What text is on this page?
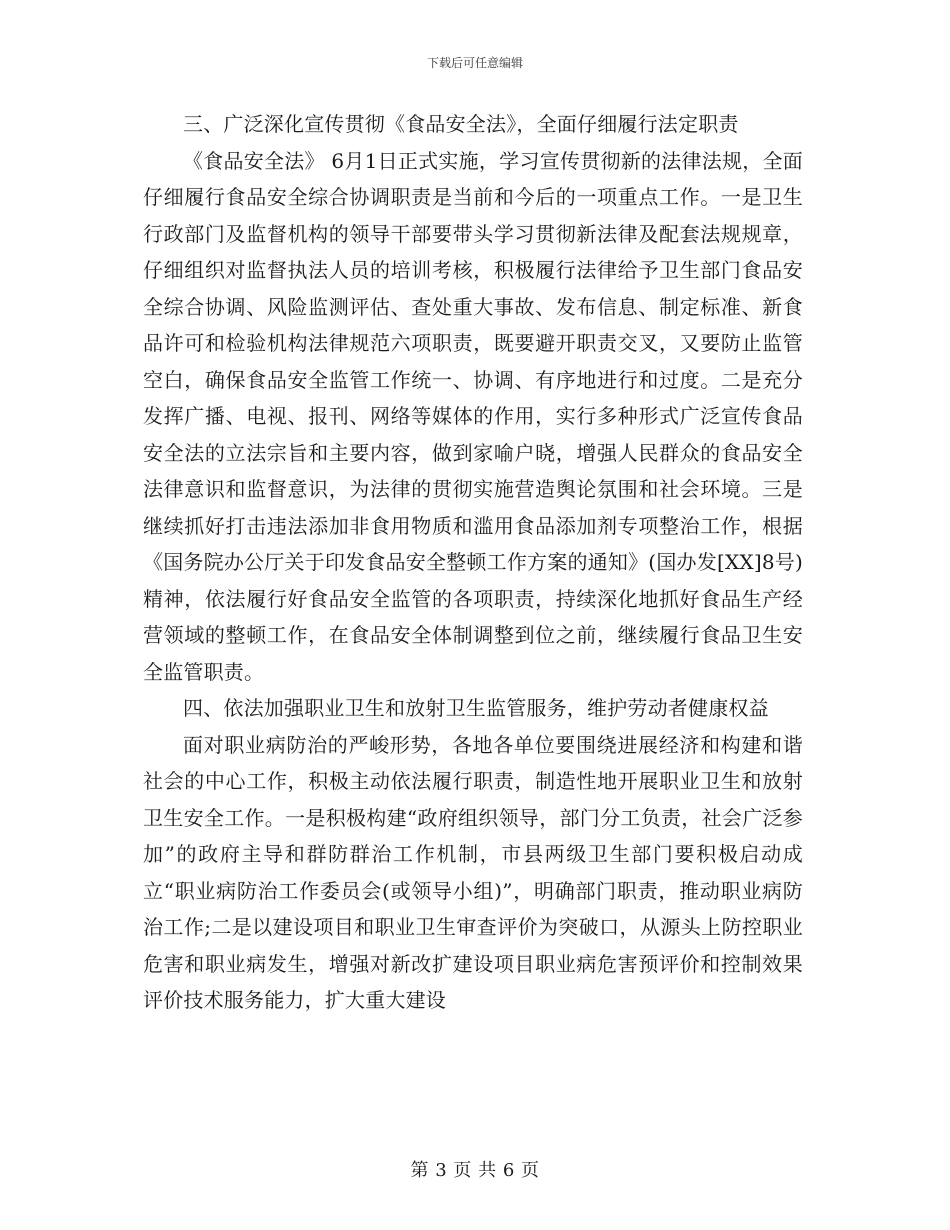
下载后可任意编辑

三、广泛深化宣传贯彻《食品安全法》，全面仔细履行法定职责

《食品安全法》 6月1日正式实施，学习宣传贯彻新的法律法规，全面仔细履行食品安全综合协调职责是当前和今后的一项重点工作。一是卫生行政部门及监督机构的领导干部要带头学习贯彻新法律及配套法规规章，仔细组织对监督执法人员的培训考核，积极履行法律给予卫生部门食品安全综合协调、风险监测评估、查处重大事故、发布信息、制定标准、新食品许可和检验机构法律规范六项职责，既要避开职责交叉，又要防止监管空白，确保食品安全监管工作统一、协调、有序地进行和过度。二是充分发挥广播、电视、报刊、网络等媒体的作用，实行多种形式广泛宣传食品安全法的立法宗旨和主要内容，做到家喻户晓，增强人民群众的食品安全法律意识和监督意识，为法律的贯彻实施营造舆论氛围和社会环境。三是继续抓好打击违法添加非食用物质和滥用食品添加剂专项整治工作，根据《国务院办公厅关于印发食品安全整顿工作方案的通知》(国办发[XX]8号)精神，依法履行好食品安全监管的各项职责，持续深化地抓好食品生产经营领域的整顿工作，在食品安全体制调整到位之前，继续履行食品卫生安全监管职责。

四、依法加强职业卫生和放射卫生监管服务，维护劳动者健康权益

面对职业病防治的严峻形势，各地各单位要围绕进展经济和构建和谐社会的中心工作，积极主动依法履行职责，制造性地开展职业卫生和放射卫生安全工作。一是积极构建“政府组织领导，部门分工负责，社会广泛参加”的政府主导和群防群治工作机制，市县两级卫生部门要积极启动成立“职业病防治工作委员会(或领导小组)”，明确部门职责，推动职业病防治工作;二是以建设项目和职业卫生审查评价为突破口，从源头上防控职业危害和职业病发生，增强对新改扩建设项目职业病危害预评价和控制效果评价技术服务能力，扩大重大建设

第 3 页 共 6 页
